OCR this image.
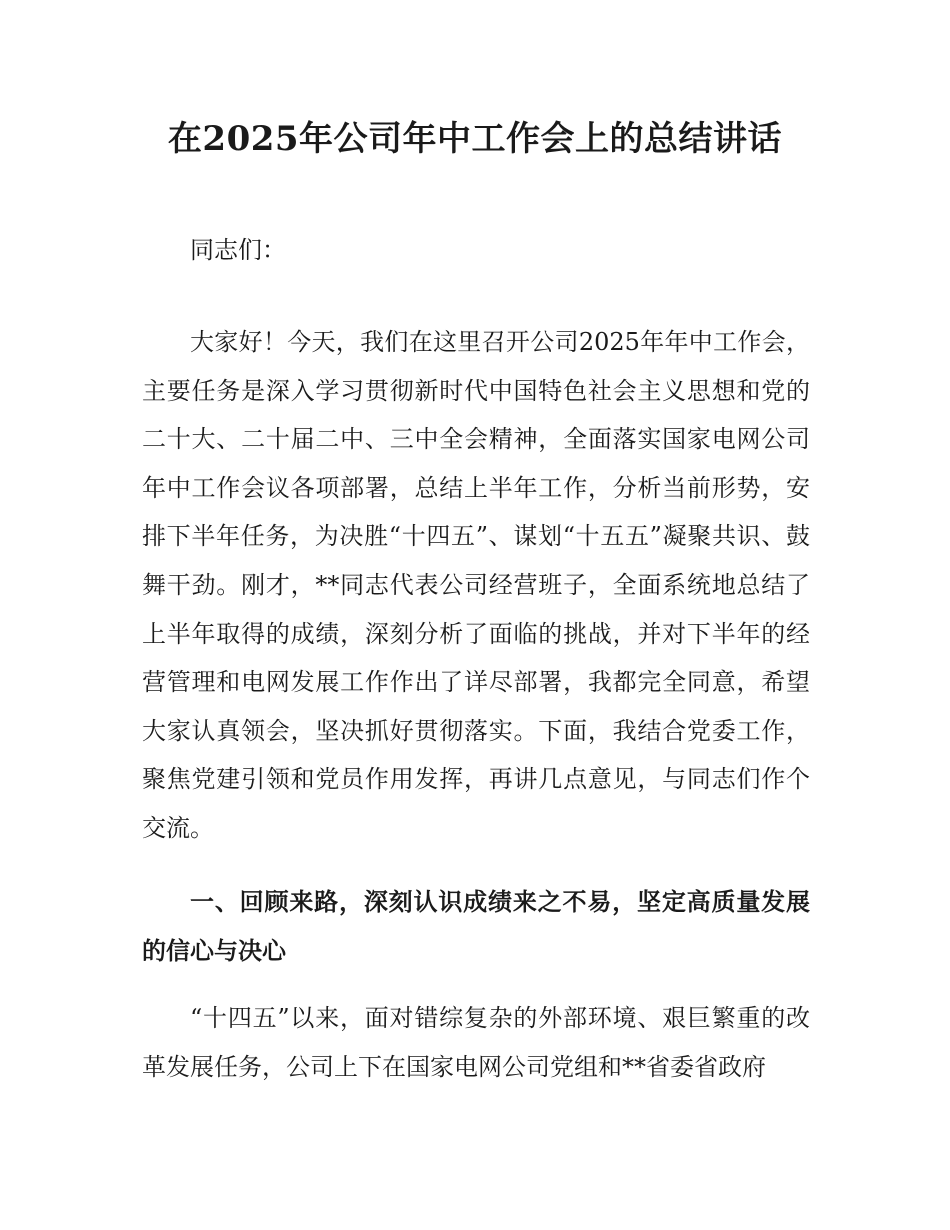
在2025年公司年中工作会上的总结讲话

同志们：

大家好！今天，我们在这里召开公司2025年年中工作会，主要任务是深入学习贯彻新时代中国特色社会主义思想和党的二十大、二十届二中、三中全会精神，全面落实国家电网公司年中工作会议各项部署，总结上半年工作，分析当前形势，安排下半年任务，为决胜“十四五”、谋划“十五五”凝聚共识、鼓舞干劲。刚才，**同志代表公司经营班子，全面系统地总结了上半年取得的成绩，深刻分析了面临的挑战，并对下半年的经营管理和电网发展工作作出了详尽部署，我都完全同意，希望大家认真领会，坚决抓好贯彻落实。下面，我结合党委工作，聚焦党建引领和党员作用发挥，再讲几点意见，与同志们作个交流。

一、回顾来路，深刻认识成绩来之不易，坚定高质量发展的信心与决心

“十四五”以来，面对错综复杂的外部环境、艰巨繁重的改革发展任务，公司上下在国家电网公司党组和**省委省政府
